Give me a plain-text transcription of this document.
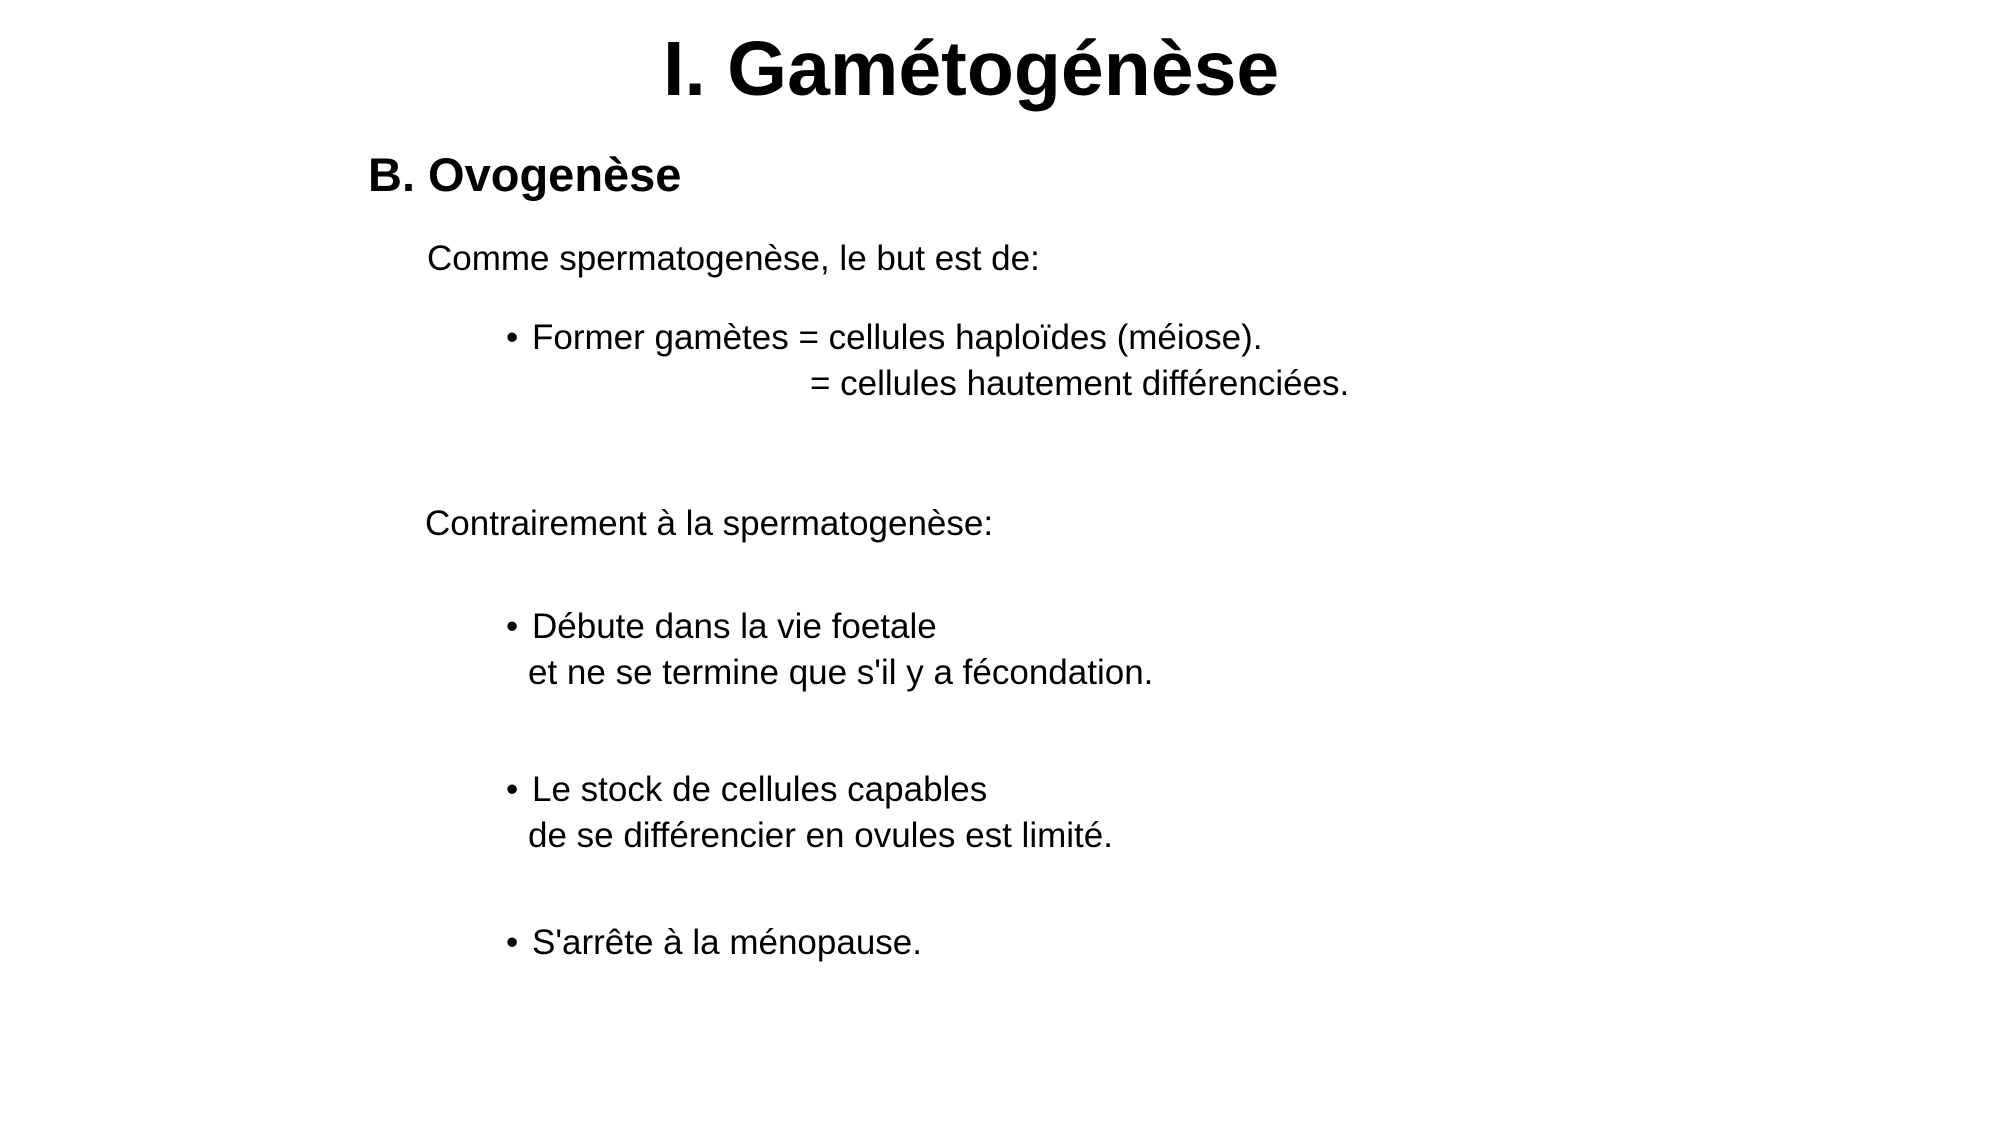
I. Gamétogénèse
B. Ovogenèse

Comme spermatogenèse, le but est de:

• Former gamètes = cellules haploïdes (méiose).
= cellules hautement différenciées.

Contrairement à la spermatogenèse:

• Débute dans la vie foetale
et ne se termine que s'il y a fécondation.
• Le stock de cellules capables
de se différencier en ovules est limité.
• S'arrête à la ménopause.
